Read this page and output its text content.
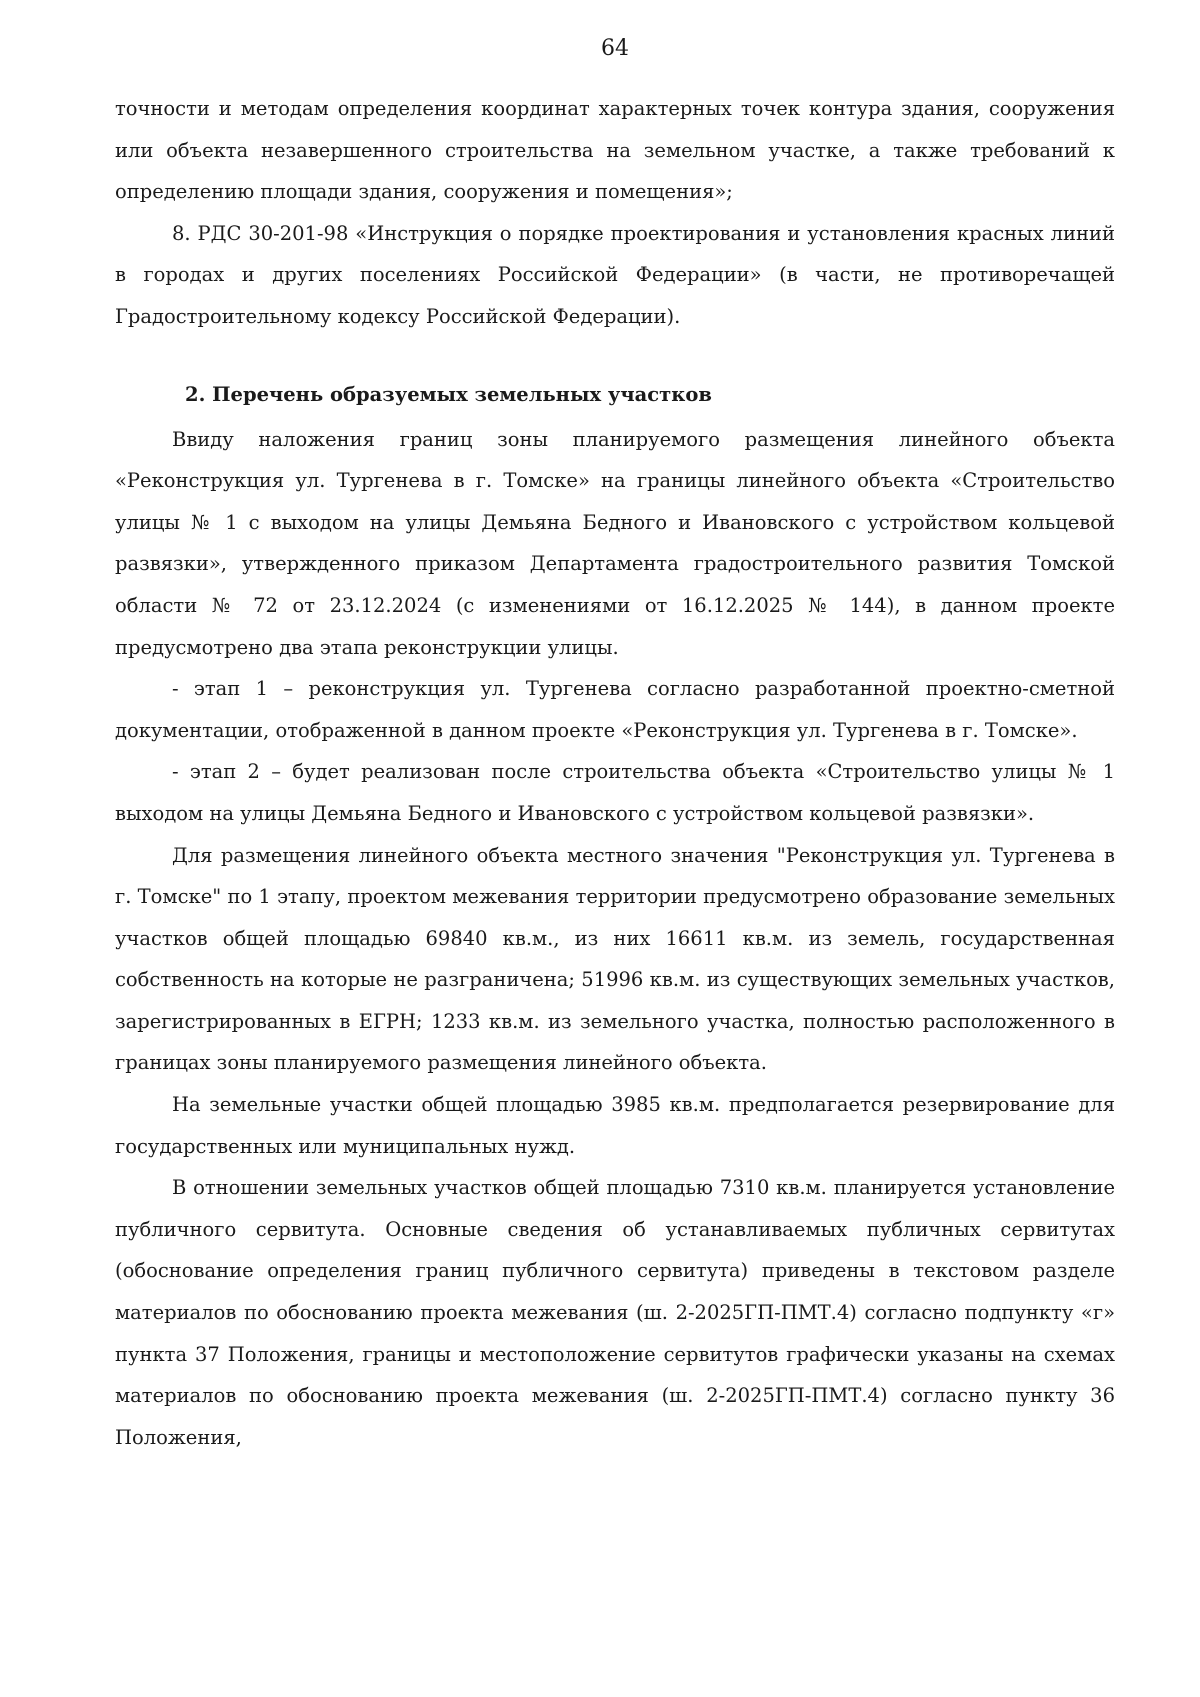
64

точности и методам определения координат характерных точек контура здания, сооружения или объекта незавершенного строительства на земельном участке, а также требований к определению площади здания, сооружения и помещения»;

8. РДС 30-201-98 «Инструкция о порядке проектирования и установления красных линий в городах и других поселениях Российской Федерации» (в части, не противоречащей Градостроительному кодексу Российской Федерации).

2. Перечень образуемых земельных участков

Ввиду наложения границ зоны планируемого размещения линейного объекта «Реконструкция ул. Тургенева в г. Томске» на границы линейного объекта «Строительство улицы № 1 с выходом на улицы Демьяна Бедного и Ивановского с устройством кольцевой развязки», утвержденного приказом Департамента градостроительного развития Томской области № 72 от 23.12.2024 (с изменениями от 16.12.2025 № 144), в данном проекте предусмотрено два этапа реконструкции улицы.

- этап 1 – реконструкция ул. Тургенева согласно разработанной проектно-сметной документации, отображенной в данном проекте «Реконструкция ул. Тургенева в г. Томске».

- этап 2 – будет реализован после строительства объекта «Строительство улицы № 1 выходом на улицы Демьяна Бедного и Ивановского с устройством кольцевой развязки».

Для размещения линейного объекта местного значения "Реконструкция ул. Тургенева в г. Томске" по 1 этапу, проектом межевания территории предусмотрено образование земельных участков общей площадью 69840 кв.м., из них 16611 кв.м. из земель, государственная собственность на которые не разграничена; 51996 кв.м. из существующих земельных участков, зарегистрированных в ЕГРН; 1233 кв.м. из земельного участка, полностью расположенного в границах зоны планируемого размещения линейного объекта.

На земельные участки общей площадью 3985 кв.м. предполагается резервирование для государственных или муниципальных нужд.

В отношении земельных участков общей площадью 7310 кв.м. планируется установление публичного сервитута. Основные сведения об устанавливаемых публичных сервитутах (обоснование определения границ публичного сервитута) приведены в текстовом разделе материалов по обоснованию проекта межевания (ш. 2-2025ГП-ПМТ.4) согласно подпункту «г» пункта 37 Положения, границы и местоположение сервитутов графически указаны на схемах материалов по обоснованию проекта межевания (ш. 2-2025ГП-ПМТ.4) согласно пункту 36 Положения,
